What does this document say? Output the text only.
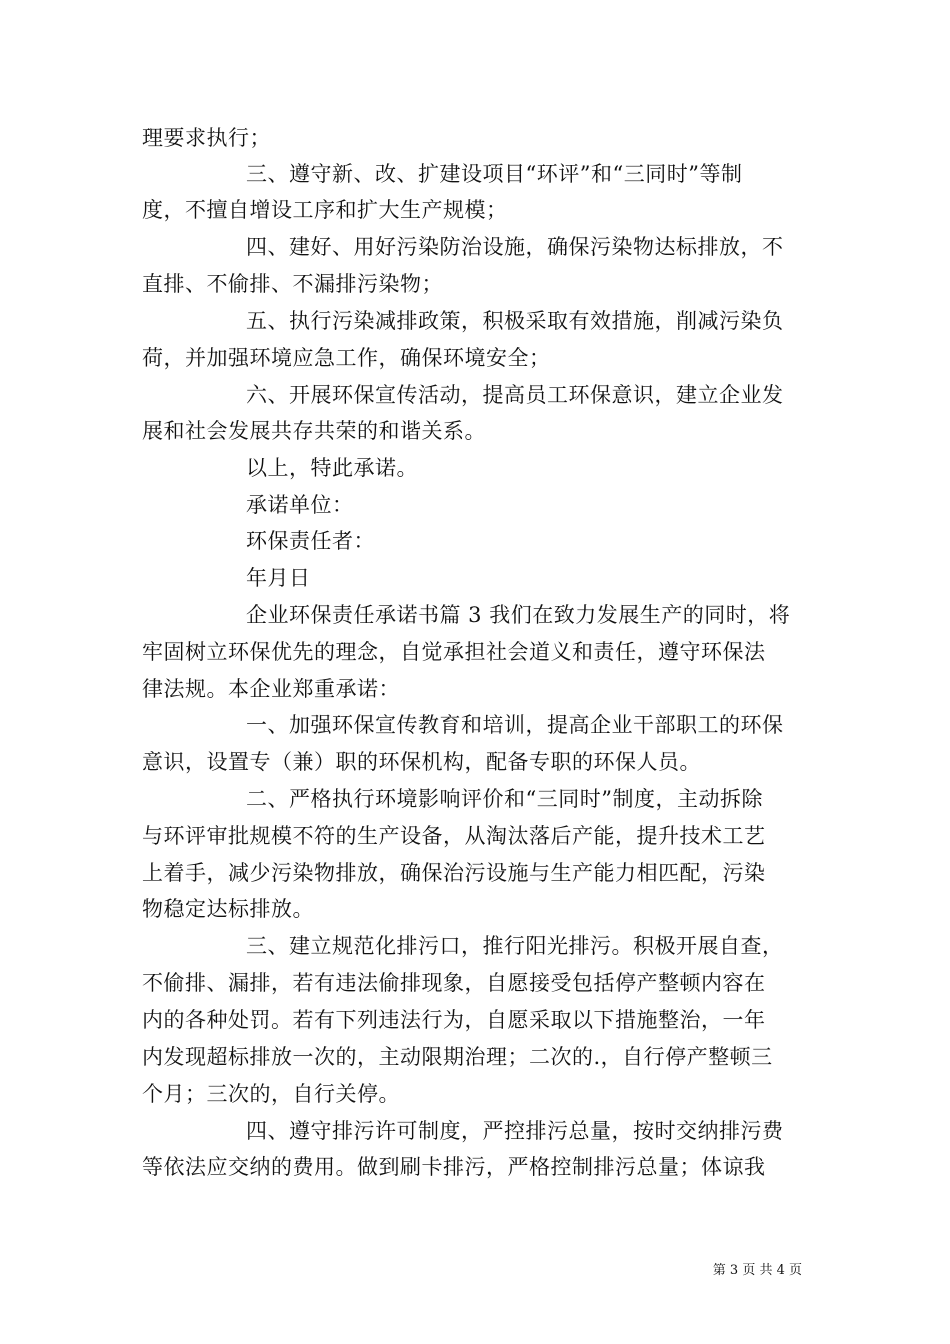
理要求执行；
三、遵守新、改、扩建设项目“环评”和“三同时”等制
度，不擅自增设工序和扩大生产规模；
四、建好、用好污染防治设施，确保污染物达标排放，不
直排、不偷排、不漏排污染物；
五、执行污染减排政策，积极采取有效措施，削减污染负
荷，并加强环境应急工作，确保环境安全；
六、开展环保宣传活动，提高员工环保意识，建立企业发
展和社会发展共存共荣的和谐关系。
以上，特此承诺。
承诺单位：
环保责任者：
年月日
企业环保责任承诺书篇 3 我们在致力发展生产的同时，将
牢固树立环保优先的理念，自觉承担社会道义和责任，遵守环保法
律法规。本企业郑重承诺：
一、加强环保宣传教育和培训，提高企业干部职工的环保
意识，设置专（兼）职的环保机构，配备专职的环保人员。
二、严格执行环境影响评价和“三同时”制度，主动拆除
与环评审批规模不符的生产设备，从淘汰落后产能，提升技术工艺
上着手，减少污染物排放，确保治污设施与生产能力相匹配，污染
物稳定达标排放。
三、建立规范化排污口，推行阳光排污。积极开展自查，
不偷排、漏排，若有违法偷排现象，自愿接受包括停产整顿内容在
内的各种处罚。若有下列违法行为，自愿采取以下措施整治，一年
内发现超标排放一次的，主动限期治理；二次的.，自行停产整顿三
个月；三次的，自行关停。
四、遵守排污许可制度，严控排污总量，按时交纳排污费
等依法应交纳的费用。做到刷卡排污，严格控制排污总量；体谅我
第 3 页 共 4 页
